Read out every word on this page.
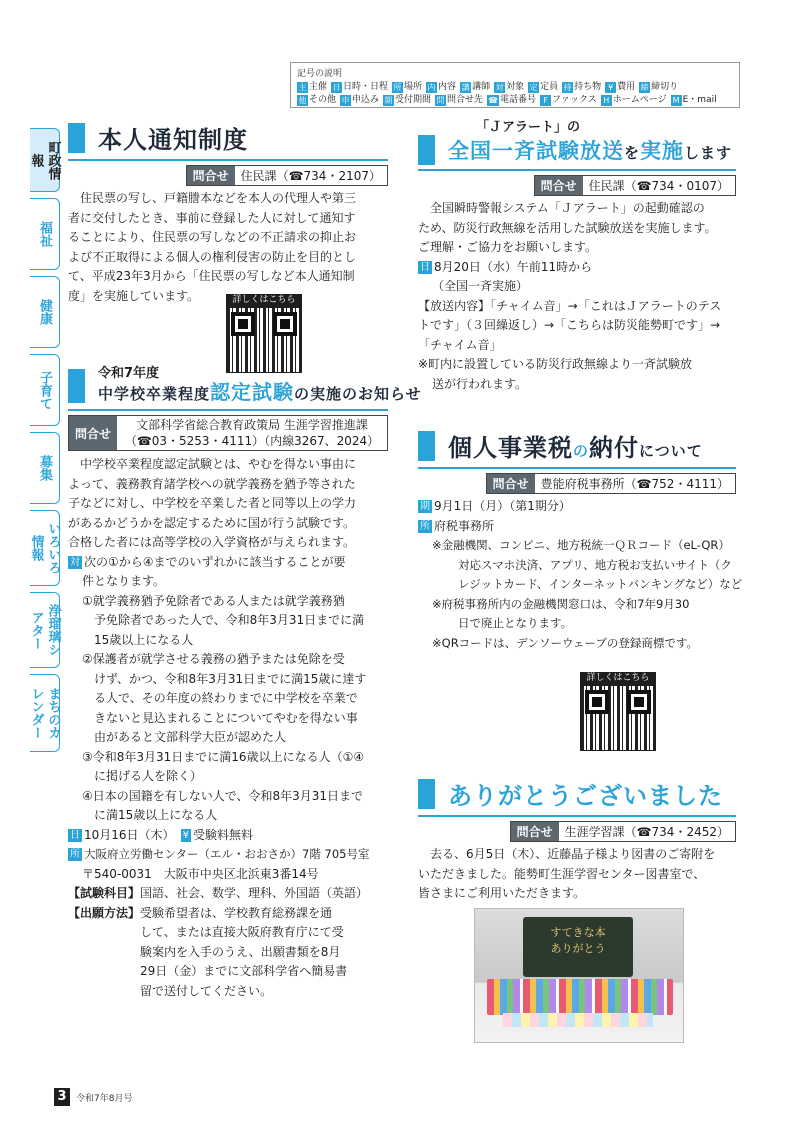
記号の説明
主 主催 日 日時・日程 所 場所 内 内容 講 講師 対 対象 定 定員 持 持ち物 ¥ 費用 締 締切り
他 その他 申 申込み 期 受付期間 問 問合せ先 ☎ 電話番号 F ファックス H ホームページ M E・mail
町政情報
福祉
健康
子育て
募集
いろいろ情報
浄瑠璃シアター
まちのカレンダー
本人通知制度
問合せ	住民課（☎734・2107）
住民票の写し、戸籍謄本などを本人の代理人や第三
者に交付したとき、事前に登録した人に対して通知す
ることにより、住民票の写しなどの不正請求の抑止お
よび不正取得による個人の権利侵害の防止を目的とし
て、平成23年3月から「住民票の写しなど本人通知制
度」を実施しています。	詳しくはこちら
令和7年度
中学校卒業程度認定試験の実施のお知らせ
問合せ
文部科学省総合教育政策局 生涯学習推進課
（☎03・5253・4111）（内線3267、2024）
中学校卒業程度認定試験とは、やむを得ない事由に
よって、義務教育諸学校への就学義務を猶予等された
子などに対し、中学校を卒業した者と同等以上の学力
があるかどうかを認定するために国が行う試験です。
合格した者には高等学校の入学資格が与えられます。
対 次の①から④までのいずれかに該当することが要
件となります。
①就学義務猶予免除者である人または就学義務猶
予免除者であった人で、令和8年3月31日までに満
15歳以上になる人
②保護者が就学させる義務の猶予または免除を受
けず、かつ、令和8年3月31日までに満15歳に達す
る人で、その年度の終わりまでに中学校を卒業で
きないと見込まれることについてやむを得ない事
由があると文部科学大臣が認めた人
③令和8年3月31日までに満16歳以上になる人（①④
に掲げる人を除く）
④日本の国籍を有しない人で、令和8年3月31日まで
に満15歳以上になる人
日 10月16日（木）　 ¥ 受験料無料
所 大阪府立労働センター（エル・おおさか）7階 705号室
〒540-0031　大阪市中央区北浜東3番14号
【試験科目】国語、社会、数学、理科、外国語（英語）
【出願方法】 受験希望者は、学校教育総務課を通
して、または直接大阪府教育庁にて受
験案内を入手のうえ、出願書類を8月
29日（金）までに文部科学省へ簡易書
留で送付してください。
「Ｊアラート」の
全国一斉試験放送を実施します
問合せ	住民課（☎734・0107）
全国瞬時警報システム「Ｊアラート」の起動確認の
ため、防災行政無線を活用した試験放送を実施します。
ご理解・ご協力をお願いします。
日 8月20日（水）午前11時から
（全国一斉実施）
【放送内容】「チャイム音」→「これはＪアラートのテス
トです」（３回繰返し）→「こちらは防災能勢町です」→
「チャイム音」
※町内に設置している防災行政無線より一斉試験放
送が行われます。
個人事業税の納付について
問合せ	豊能府税事務所（☎752・4111）
期 9月1日（月）（第1期分）
所 府税事務所
※金融機関、コンビニ、地方税統一ＱＲコード（eL-QR）
対応スマホ決済、アプリ、地方税お支払いサイト（ク
レジットカード、インターネットバンキングなど）など
※府税事務所内の金融機関窓口は、令和7年9月30
日で廃止となります。
※QRコードは、デンソーウェーブの登録商標です。
詳しくはこちら
ありがとうございました
問合せ	生涯学習課（☎734・2452）
去る、6月5日（木）、近藤晶子様より図書のご寄附を
いただきました。能勢町生涯学習センター図書室で、
皆さまにご利用いただきます。
すてきな本
ありがとう
3	令和7年8月号
